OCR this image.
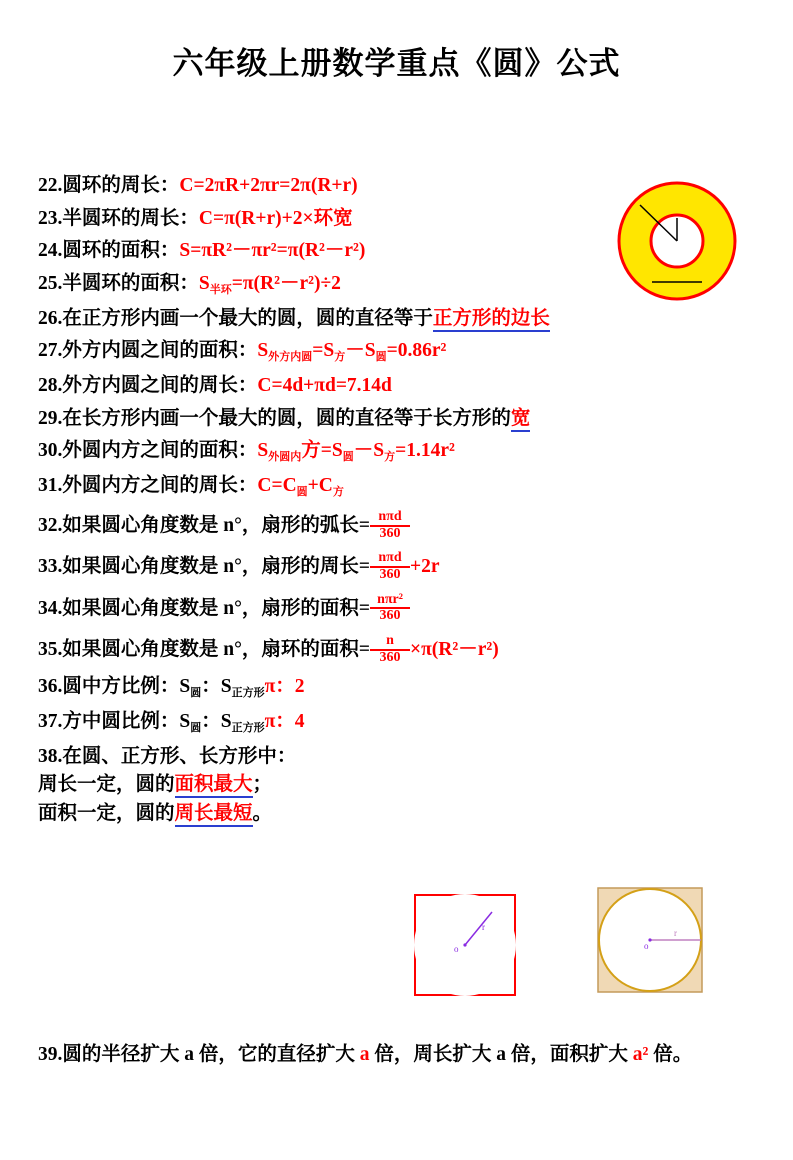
六年级上册数学重点《圆》公式
22.圆环的周长：C=2πR+2πr=2π(R+r)
23.半圆环的周长：C=π(R+r)+2×环宽
24.圆环的面积：S=πR²－πr²=π(R²－r²)
25.半圆环的面积：$S_{半环}=\pi(R^2-r^2)\div 2$
26.在正方形内画一个最大的圆，圆的直径等于正方形的边长
27.外方内圆之间的面积：$S_{外方内圆}=S_方-S_圆=0.86r^2$
28.外方内圆之间的周长：C=4d+πd=7.14d
29.在长方形内画一个最大的圆，圆的直径等于长方形的宽
30.外圆内方之间的面积：$S_{外圆内}$方$=S_圆-S_方=1.14r^2$
31.外圆内方之间的周长：$C=C_圆+C_方$
32.如果圆心角度数是 n°，扇形的弧长= $\frac{\text{nπd}}{360}$
33.如果圆心角度数是 n°，扇形的周长= $\frac{\text{nπd}}{360} +2r$
34.如果圆心角度数是 n°，扇形的面积= $\frac{\text{nπr²}}{360}$
35.如果圆心角度数是 n°，扇环的面积= $\frac{n}{360} \times\pi(R^2-r^2)$
36.圆中方比例：$S_圆$：$S_{正方形}\pi$：2
37.方中圆比例：$S_圆$：$S_{正方形}\pi$：4
38.在圆、正方形、长方形中：
周长一定，圆的面积最大；
面积一定，圆的周长最短。
o
r
o
r
39.圆的半径扩大 a 倍，它的直径扩大 a 倍，周长扩大 a 倍，面积扩大 a² 倍。
